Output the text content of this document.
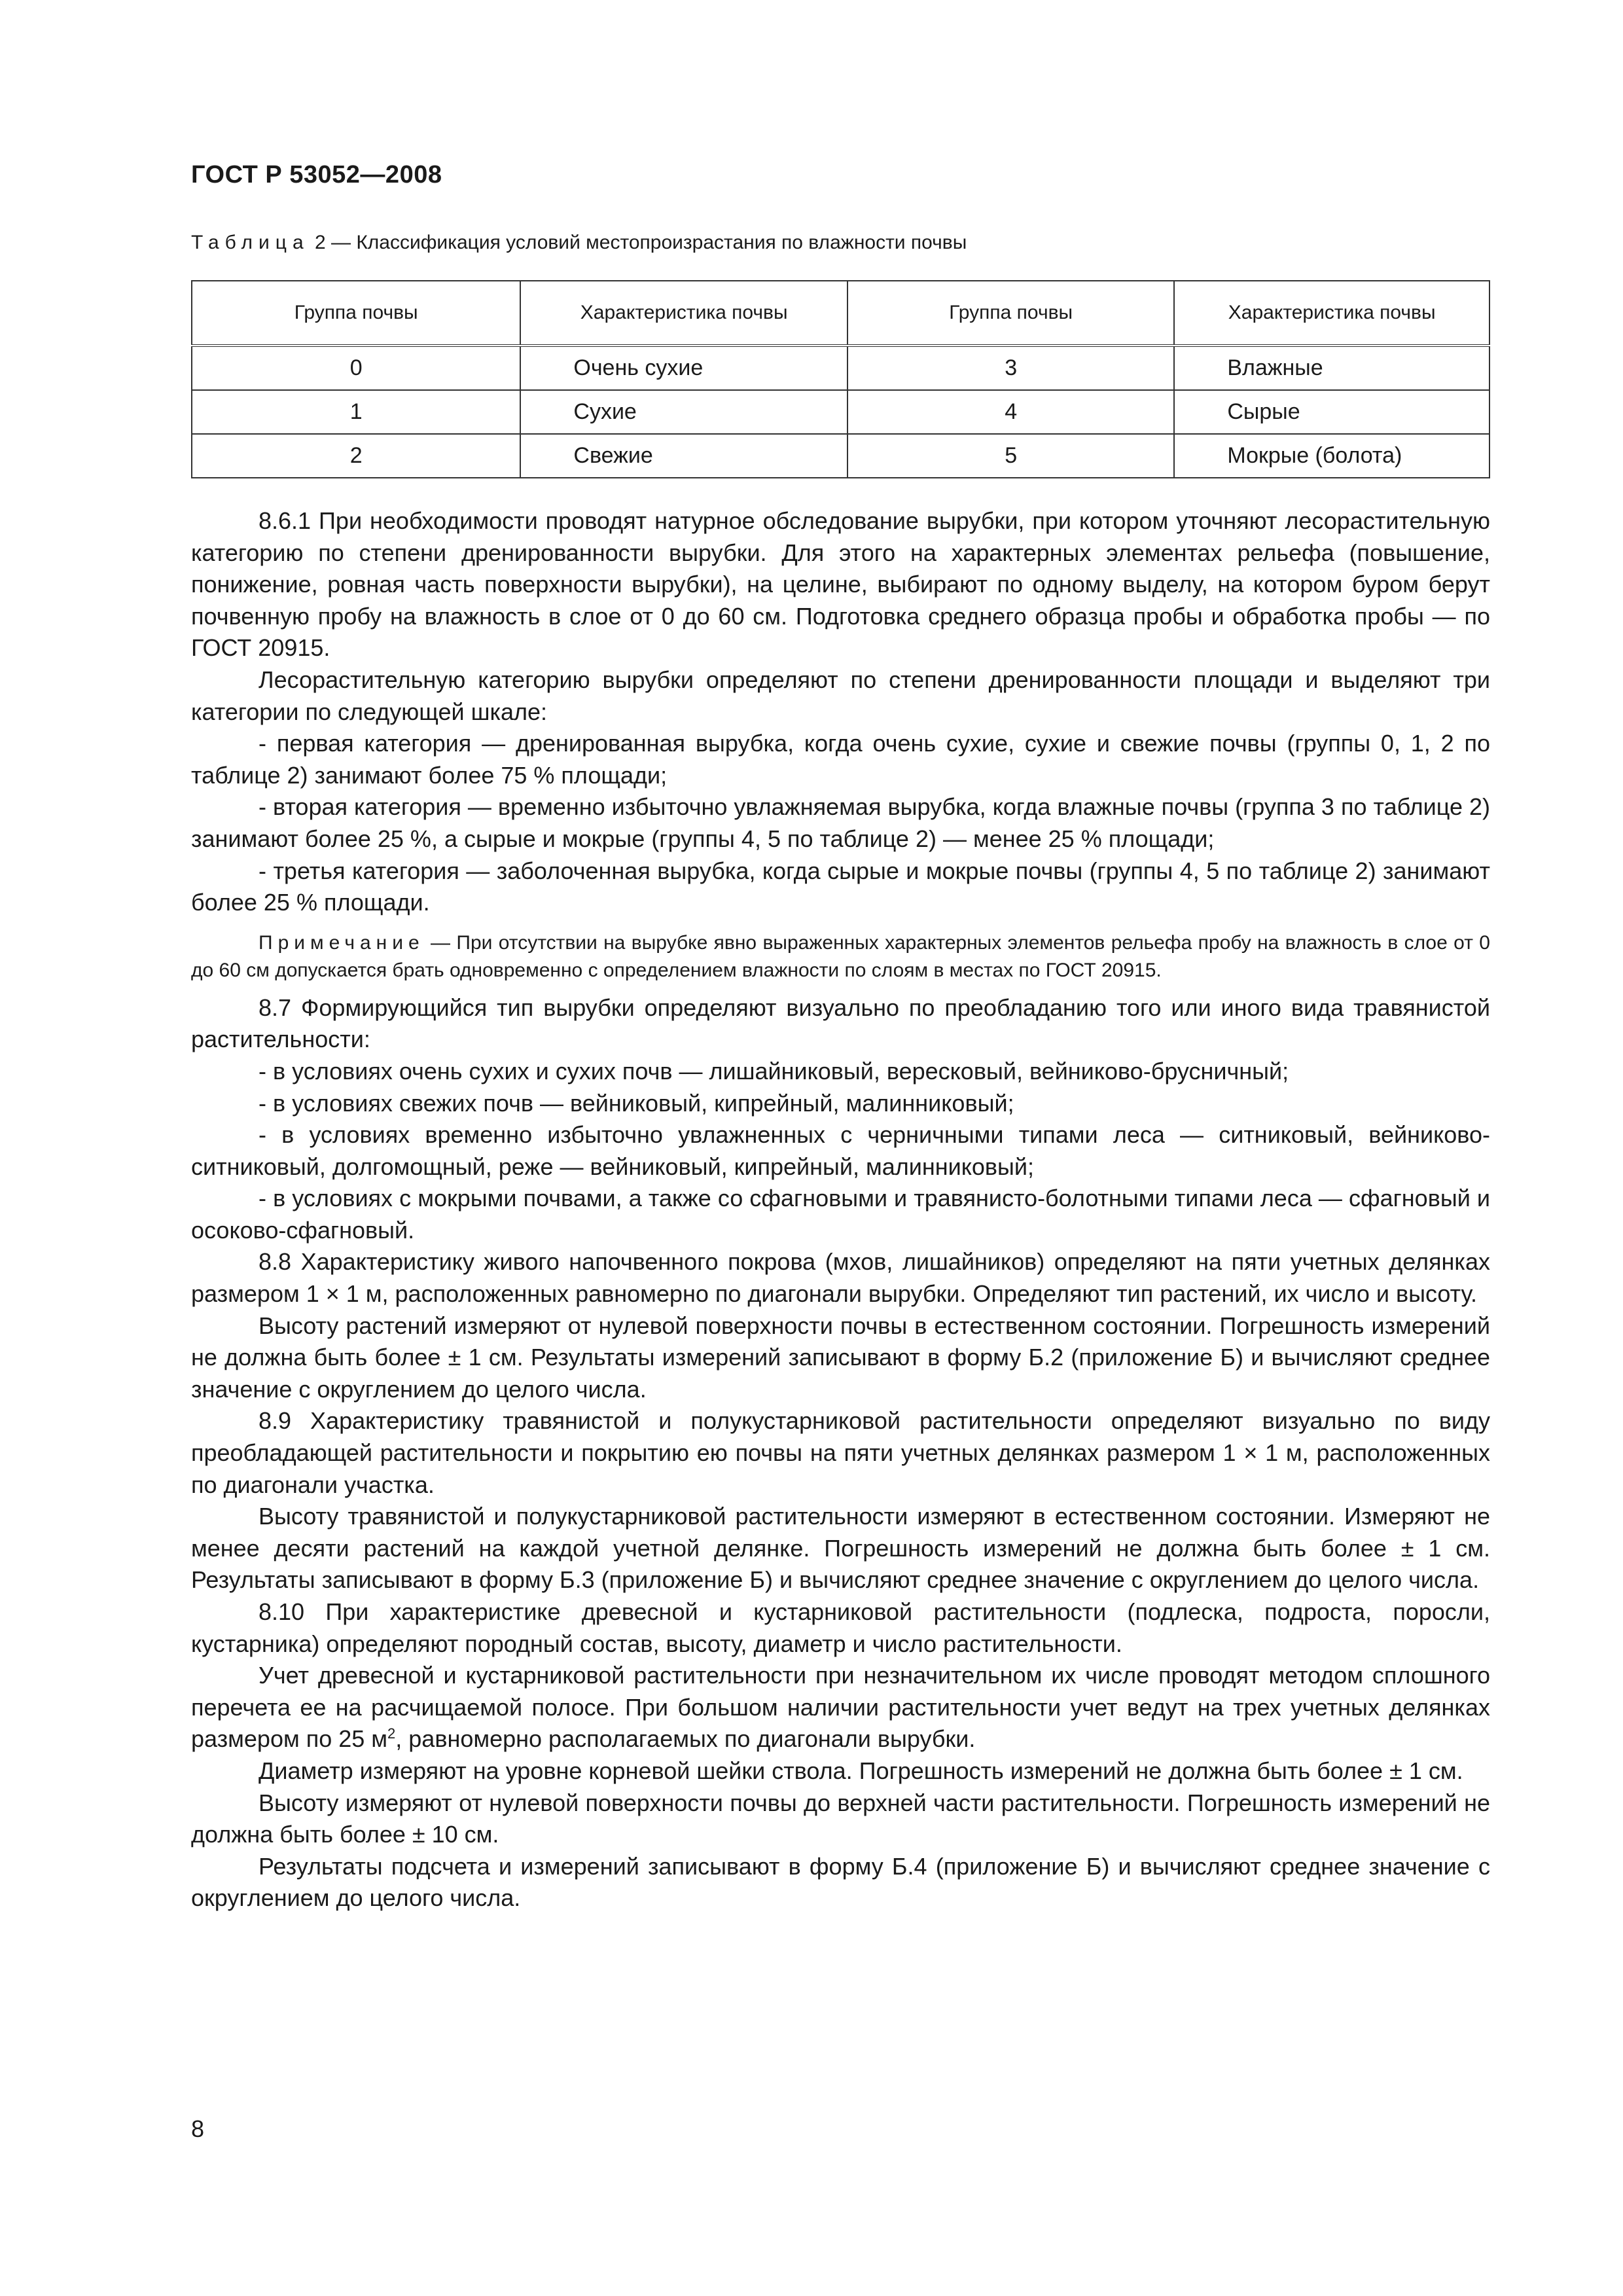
ГОСТ Р 53052—2008
Таблица 2 — Классификация условий местопроизрастания по влажности почвы
Группа почвы	Характеристика почвы	Группа почвы	Характеристика почвы
0	Очень сухие	3	Влажные
1	Сухие	4	Сырые
2	Свежие	5	Мокрые (болота)

8.6.1 При необходимости проводят натурное обследование вырубки, при котором уточняют лесорастительную категорию по степени дренированности вырубки. Для этого на характерных элементах рельефа (повышение, понижение, ровная часть поверхности вырубки), на целине, выбирают по одному выделу, на котором буром берут почвенную пробу на влажность в слое от 0 до 60 см. Подготовка среднего образца пробы и обработка пробы — по ГОСТ 20915.

Лесорастительную категорию вырубки определяют по степени дренированности площади и выделяют три категории по следующей шкале:

- первая категория — дренированная вырубка, когда очень сухие, сухие и свежие почвы (группы 0, 1, 2 по таблице 2) занимают более 75 % площади;

- вторая категория — временно избыточно увлажняемая вырубка, когда влажные почвы (группа 3 по таблице 2) занимают более 25 %, а сырые и мокрые (группы 4, 5 по таблице 2) — менее 25 % площади;

- третья категория — заболоченная вырубка, когда сырые и мокрые почвы (группы 4, 5 по таблице 2) занимают более 25 % площади.

Примечание — При отсутствии на вырубке явно выраженных характерных элементов рельефа пробу на влажность в слое от 0 до 60 см допускается брать одновременно с определением влажности по слоям в местах по ГОСТ 20915.

8.7 Формирующийся тип вырубки определяют визуально по преобладанию того или иного вида травянистой растительности:

- в условиях очень сухих и сухих почв — лишайниковый, вересковый, вейниково-брусничный;

- в условиях свежих почв — вейниковый, кипрейный, малинниковый;

- в условиях временно избыточно увлажненных с черничными типами леса — ситниковый, вейниково-ситниковый, долгомощный, реже — вейниковый, кипрейный, малинниковый;

- в условиях с мокрыми почвами, а также со сфагновыми и травянисто-болотными типами леса — сфагновый и осоково-сфагновый.

8.8 Характеристику живого напочвенного покрова (мхов, лишайников) определяют на пяти учетных делянках размером 1 × 1 м, расположенных равномерно по диагонали вырубки. Определяют тип растений, их число и высоту.

Высоту растений измеряют от нулевой поверхности почвы в естественном состоянии. Погрешность измерений не должна быть более ± 1 см. Результаты измерений записывают в форму Б.2 (приложение Б) и вычисляют среднее значение с округлением до целого числа.

8.9 Характеристику травянистой и полукустарниковой растительности определяют визуально по виду преобладающей растительности и покрытию ею почвы на пяти учетных делянках размером 1 × 1 м, расположенных по диагонали участка.

Высоту травянистой и полукустарниковой растительности измеряют в естественном состоянии. Измеряют не менее десяти растений на каждой учетной делянке. Погрешность измерений не должна быть более ± 1 см. Результаты записывают в форму Б.3 (приложение Б) и вычисляют среднее значение с округлением до целого числа.

8.10 При характеристике древесной и кустарниковой растительности (подлеска, подроста, поросли, кустарника) определяют породный состав, высоту, диаметр и число растительности.

Учет древесной и кустарниковой растительности при незначительном их числе проводят методом сплошного перечета ее на расчищаемой полосе. При большом наличии растительности учет ведут на трех учетных делянках размером по 25 $м^2$, равномерно располагаемых по диагонали вырубки.

Диаметр измеряют на уровне корневой шейки ствола. Погрешность измерений не должна быть более ± 1 см.

Высоту измеряют от нулевой поверхности почвы до верхней части растительности. Погрешность измерений не должна быть более ± 10 см.

Результаты подсчета и измерений записывают в форму Б.4 (приложение Б) и вычисляют среднее значение с округлением до целого числа.

8
